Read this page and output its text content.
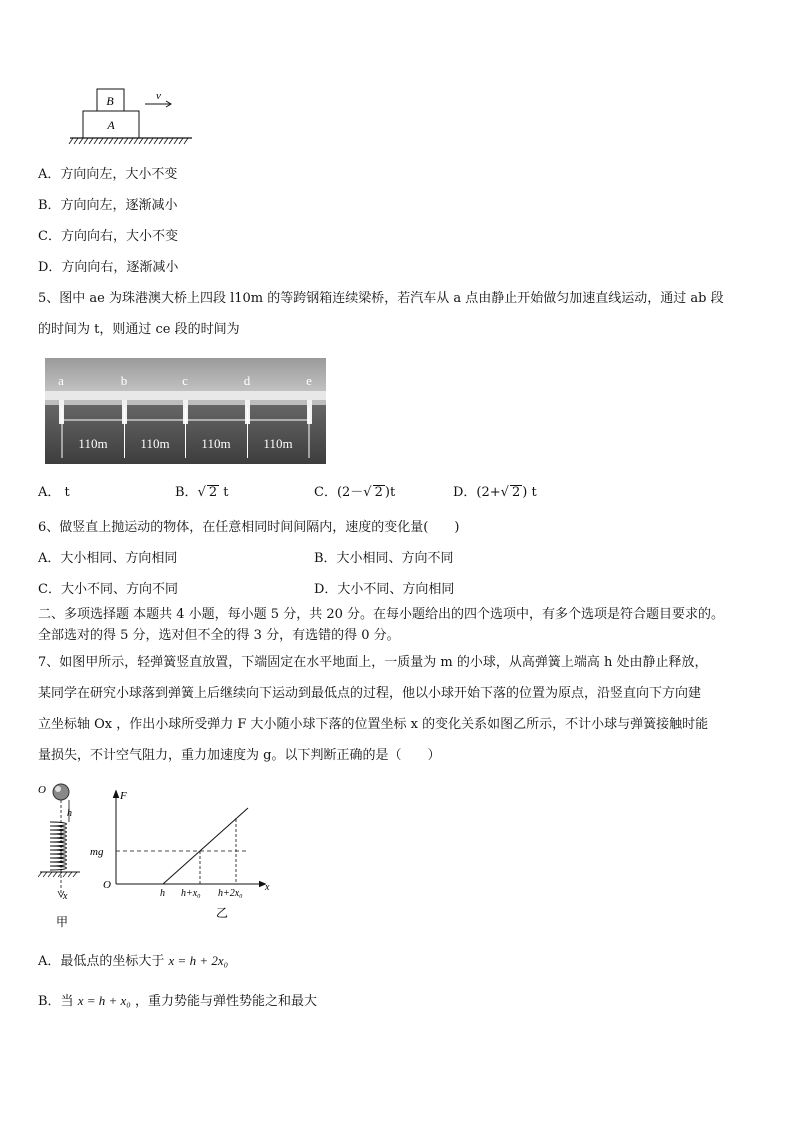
B
A
v
A．方向向左，大小不变
B．方向向左，逐渐减小
C．方向向右，大小不变
D．方向向右，逐渐减小
5、图中 ae 为珠港澳大桥上四段 l10m 的等跨钢箱连续梁桥，若汽车从 a 点由静止开始做匀加速直线运动，通过 ab 段
的时间为 t，则通过 ce 段的时间为
a	b	c	d	e
110m	110m 110m	110m
A． t	B．√ 2 t	C．(2－√ 2 )t	D．(2+√ 2 ) t
6、做竖直上抛运动的物体，在任意相同时间间隔内，速度的变化量(　　)
A．大小相同、方向相同	B．大小相同、方向不同
C．大小不同、方向不同	D．大小不同、方向相同
二、多项选择题 本题共 4 小题，每小题 5 分，共 20 分。在每小题给出的四个选项中，有多个选项是符合题目要求的。
全部选对的得 5 分，选对但不全的得 3 分，有选错的得 0 分。
7、如图甲所示，轻弹簧竖直放置，下端固定在水平地面上，一质量为 m 的小球，从高弹簧上端高 h 处由静止释放，
某同学在研究小球落到弹簧上后继续向下运动到最低点的过程，他以小球开始下落的位置为原点，沿竖直向下方向建
立坐标轴 Ox ，作出小球所受弹力 F 大小随小球下落的位置坐标 x 的变化关系如图乙所示，不计小球与弹簧接触时能
量损失，不计空气阻力，重力加速度为 g。以下判断正确的是（　　）
O
h
x
甲
F
x
O
mg
h h+x₀ h+2x₀
乙
A．最低点的坐标大于 x = h + 2x₀
B．当 x = h + x₀ ，重力势能与弹性势能之和最大
